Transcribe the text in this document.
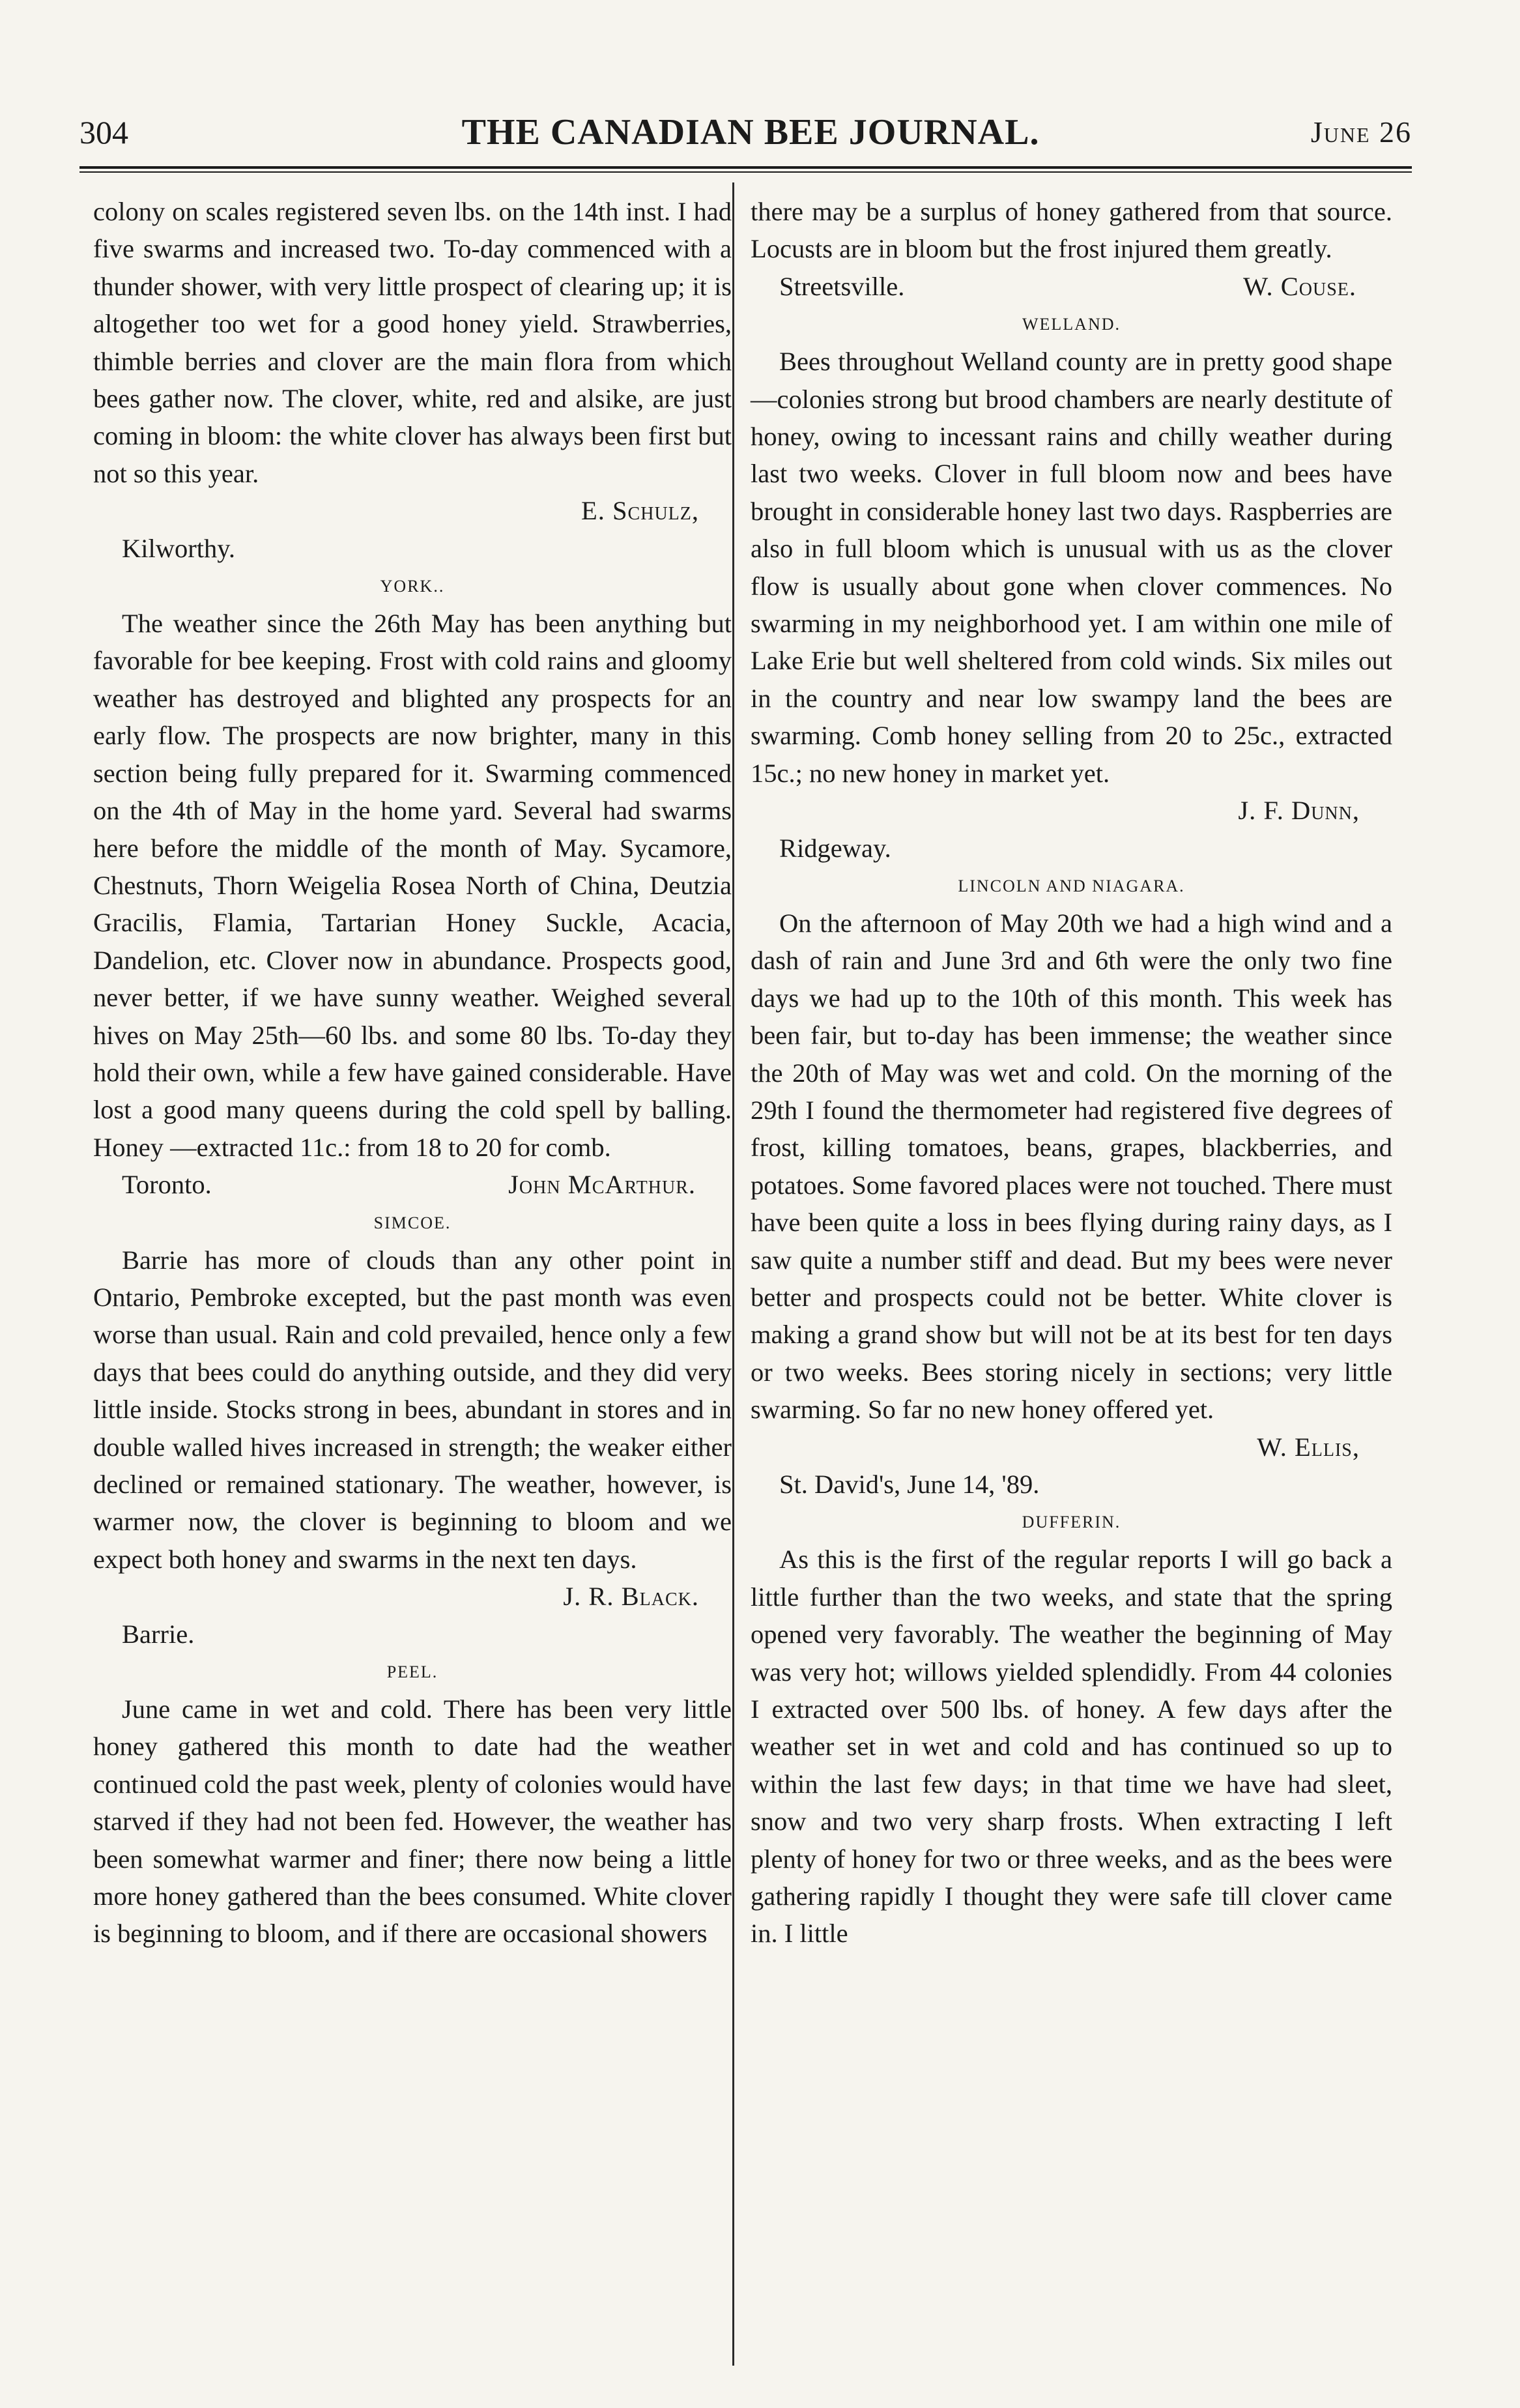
304	THE CANADIAN BEE JOURNAL.	June 26

colony on scales registered seven lbs. on the 14th inst. I had five swarms and increased two. To-day commenced with a thunder shower, with very little prospect of clearing up; it is altogether too wet for a good honey yield. Strawberries, thimble berries and clover are the main flora from which bees gather now. The clover, white, red and alsike, are just coming in bloom: the white clover has always been first but not so this year.

E. Schulz,
Kilworthy.
YORK..

The weather since the 26th May has been anything but favorable for bee keeping. Frost with cold rains and gloomy weather has destroyed and blighted any prospects for an early flow. The prospects are now brighter, many in this section being fully prepared for it. Swarming commenced on the 4th of May in the home yard. Several had swarms here before the middle of the month of May. Sycamore, Chestnuts, Thorn Weigelia Rosea North of China, Deutzia Gracilis, Flamia, Tartarian Honey Suckle, Acacia, Dandelion, etc. Clover now in abundance. Prospects good, never better, if we have sunny weather. Weighed several hives on May 25th—60 lbs. and some 80 lbs. To-day they hold their own, while a few have gained considerable. Have lost a good many queens during the cold spell by balling. Honey —extracted 11c.: from 18 to 20 for comb.

Toronto.	John McArthur.
SIMCOE.

Barrie has more of clouds than any other point in Ontario, Pembroke excepted, but the past month was even worse than usual. Rain and cold prevailed, hence only a few days that bees could do anything outside, and they did very little inside. Stocks strong in bees, abundant in stores and in double walled hives increased in strength; the weaker either declined or remained stationary. The weather, however, is warmer now, the clover is beginning to bloom and we expect both honey and swarms in the next ten days.

J. R. Black.
Barrie.
PEEL.

June came in wet and cold. There has been very little honey gathered this month to date had the weather continued cold the past week, plenty of colonies would have starved if they had not been fed. However, the weather has been somewhat warmer and finer; there now being a little more honey gathered than the bees consumed. White clover is beginning to bloom, and if there are occasional showers

there may be a surplus of honey gathered from that source. Locusts are in bloom but the frost injured them greatly.

Streetsville.	W. Couse.
WELLAND.

Bees throughout Welland county are in pretty good shape—colonies strong but brood chambers are nearly destitute of honey, owing to incessant rains and chilly weather during last two weeks. Clover in full bloom now and bees have brought in considerable honey last two days. Raspberries are also in full bloom which is unusual with us as the clover flow is usually about gone when clover commences. No swarming in my neighborhood yet. I am within one mile of Lake Erie but well sheltered from cold winds. Six miles out in the country and near low swampy land the bees are swarming. Comb honey selling from 20 to 25c., extracted 15c.; no new honey in market yet.

J. F. Dunn,
Ridgeway.
LINCOLN AND NIAGARA.

On the afternoon of May 20th we had a high wind and a dash of rain and June 3rd and 6th were the only two fine days we had up to the 10th of this month. This week has been fair, but to-day has been immense; the weather since the 20th of May was wet and cold. On the morning of the 29th I found the thermometer had registered five degrees of frost, killing tomatoes, beans, grapes, blackberries, and potatoes. Some favored places were not touched. There must have been quite a loss in bees flying during rainy days, as I saw quite a number stiff and dead. But my bees were never better and prospects could not be better. White clover is making a grand show but will not be at its best for ten days or two weeks. Bees storing nicely in sections; very little swarming. So far no new honey offered yet.

W. Ellis,
St. David's, June 14, '89.
DUFFERIN.

As this is the first of the regular reports I will go back a little further than the two weeks, and state that the spring opened very favorably. The weather the beginning of May was very hot; willows yielded splendidly. From 44 colonies I extracted over 500 lbs. of honey. A few days after the weather set in wet and cold and has continued so up to within the last few days; in that time we have had sleet, snow and two very sharp frosts. When extracting I left plenty of honey for two or three weeks, and as the bees were gathering rapidly I thought they were safe till clover came in. I little
